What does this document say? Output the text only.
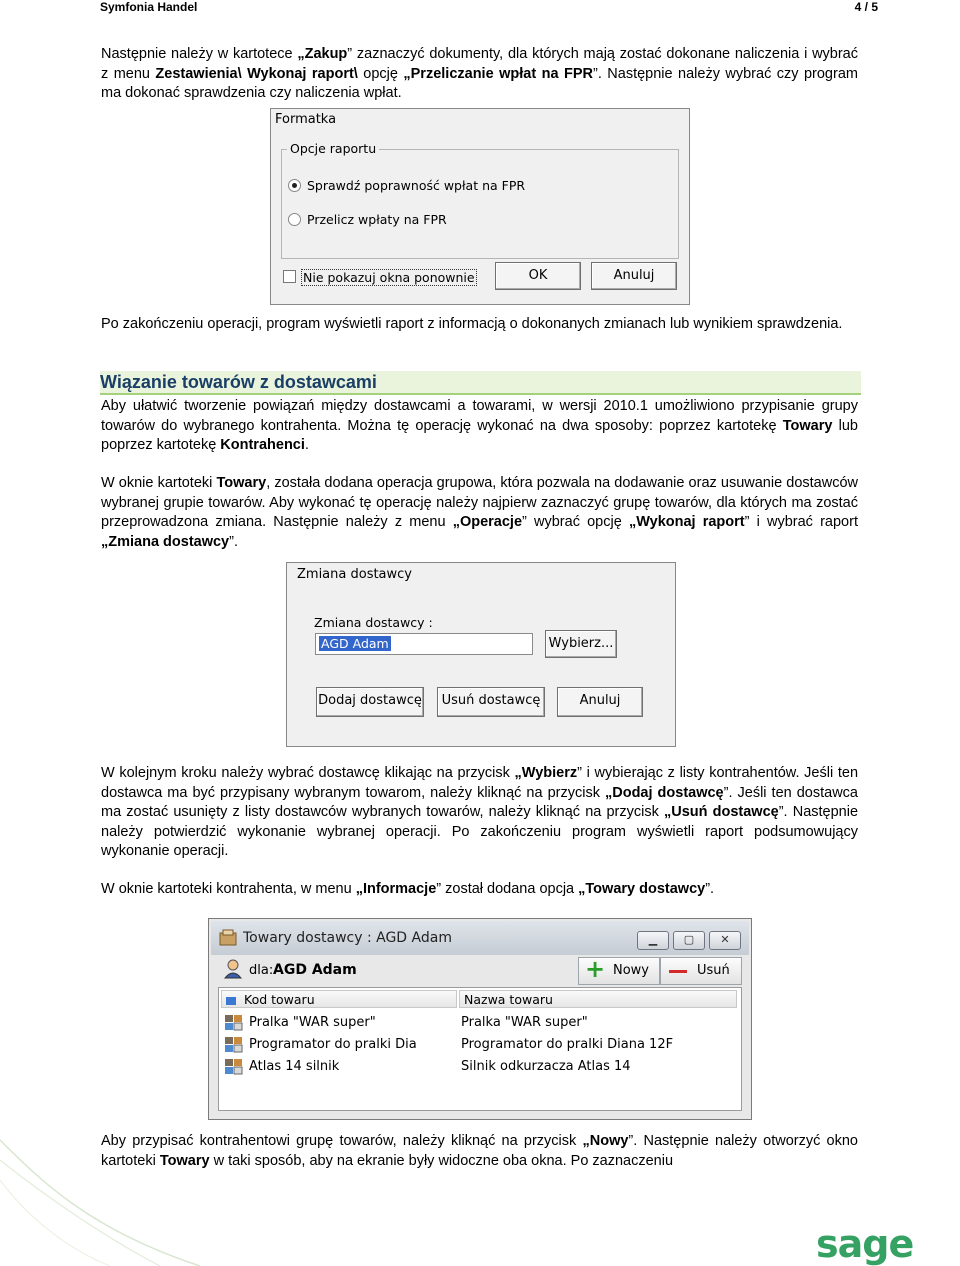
Symfonia Handel	4 / 5
Następnie należy w kartotece „Zakup” zaznaczyć dokumenty, dla których mają zostać dokonane naliczenia i wybrać z menu Zestawienia\ Wykonaj raport\ opcję „Przeliczanie wpłat na FPR”. Następnie należy wybrać czy program ma dokonać sprawdzenia czy naliczenia wpłat.
Formatka
Opcje raportu
Sprawdź poprawność wpłat na FPR
Przelicz wpłaty na FPR
Nie pokazuj okna ponownie	OK	Anuluj
Po zakończeniu operacji, program wyświetli raport z informacją o dokonanych zmianach lub wynikiem sprawdzenia.
Wiązanie towarów z dostawcami
Aby ułatwić tworzenie powiązań między dostawcami a towarami, w wersji 2010.1 umożliwiono przypisanie grupy towarów do wybranego kontrahenta. Można tę operację wykonać na dwa sposoby: poprzez kartotekę Towary lub poprzez kartotekę Kontrahenci.
W oknie kartoteki Towary, została dodana operacja grupowa, która pozwala na dodawanie oraz usuwanie dostawców wybranej grupie towarów. Aby wykonać tę operację należy najpierw zaznaczyć grupę towarów, dla których ma zostać przeprowadzona zmiana. Następnie należy z menu „Operacje” wybrać opcję „Wykonaj raport” i wybrać raport „Zmiana dostawcy”.
Zmiana dostawcy
Zmiana dostawcy :
AGD Adam	Wybierz...
Dodaj dostawcę	Usuń dostawcę	Anuluj
W kolejnym kroku należy wybrać dostawcę klikając na przycisk „Wybierz” i wybierając z listy kontrahentów. Jeśli ten dostawca ma być przypisany wybranym towarom, należy kliknąć na przycisk „Dodaj dostawcę”. Jeśli ten dostawca ma zostać usunięty z listy dostawców wybranych towarów, należy kliknąć na przycisk „Usuń dostawcę”. Następnie należy potwierdzić wykonanie wybranej operacji. Po zakończeniu program wyświetli raport podsumowujący wykonanie operacji.
W oknie kartoteki kontrahenta, w menu „Informacje” został dodana opcja „Towary dostawcy”.
Towary dostawcy : AGD Adam	▁	▢	✕
dla: AGD Adam	+ Nowy	Usuń
Kod towaru	Nazwa towaru
Pralka "WAR super"	Pralka "WAR super"
Programator do pralki Dia	Programator do pralki Diana 12F
Atlas 14 silnik	Silnik odkurzacza Atlas 14
Aby przypisać kontrahentowi grupę towarów, należy kliknąć na przycisk „Nowy”. Następnie należy otworzyć okno kartoteki Towary w taki sposób, aby na ekranie były widoczne oba okna. Po zaznaczeniu
sage
